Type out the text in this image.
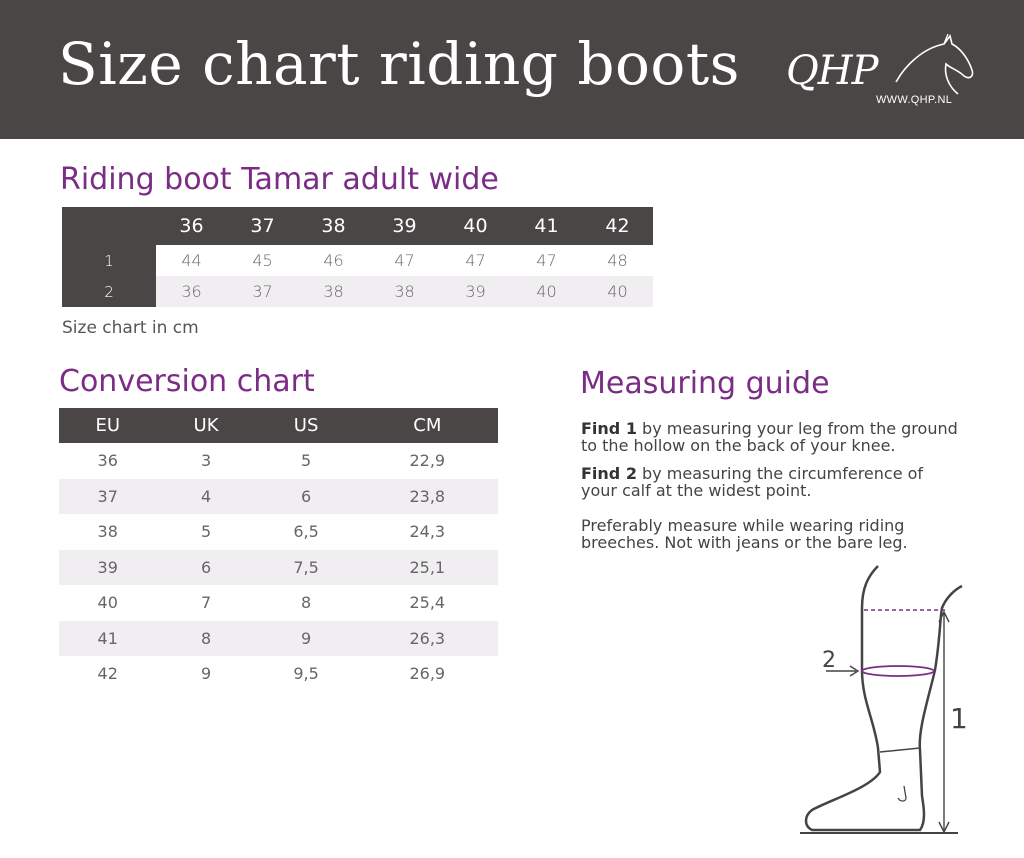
Size chart riding boots QHP
WWW.QHP.NL
Riding boot Tamar adult wide
	36	37	38	39	40	41	42
1	44	45	46	47	47	47	48
2	36	37	38	38	39	40	40
Size chart in cm
Conversion chart
EU	UK	US	CM
36	3	5	22,9
37	4	6	23,8
38	5	6,5	24,3
39	6	7,5	25,1
40	7	8	25,4
41	8	9	26,3
42	9	9,5	26,9
Measuring guide
Find 1 by measuring your leg from the ground
to the hollow on the back of your knee.
Find 2 by measuring the circumference of
your calf at the widest point.
Preferably measure while wearing riding
breeches. Not with jeans or the bare leg.
1
2
